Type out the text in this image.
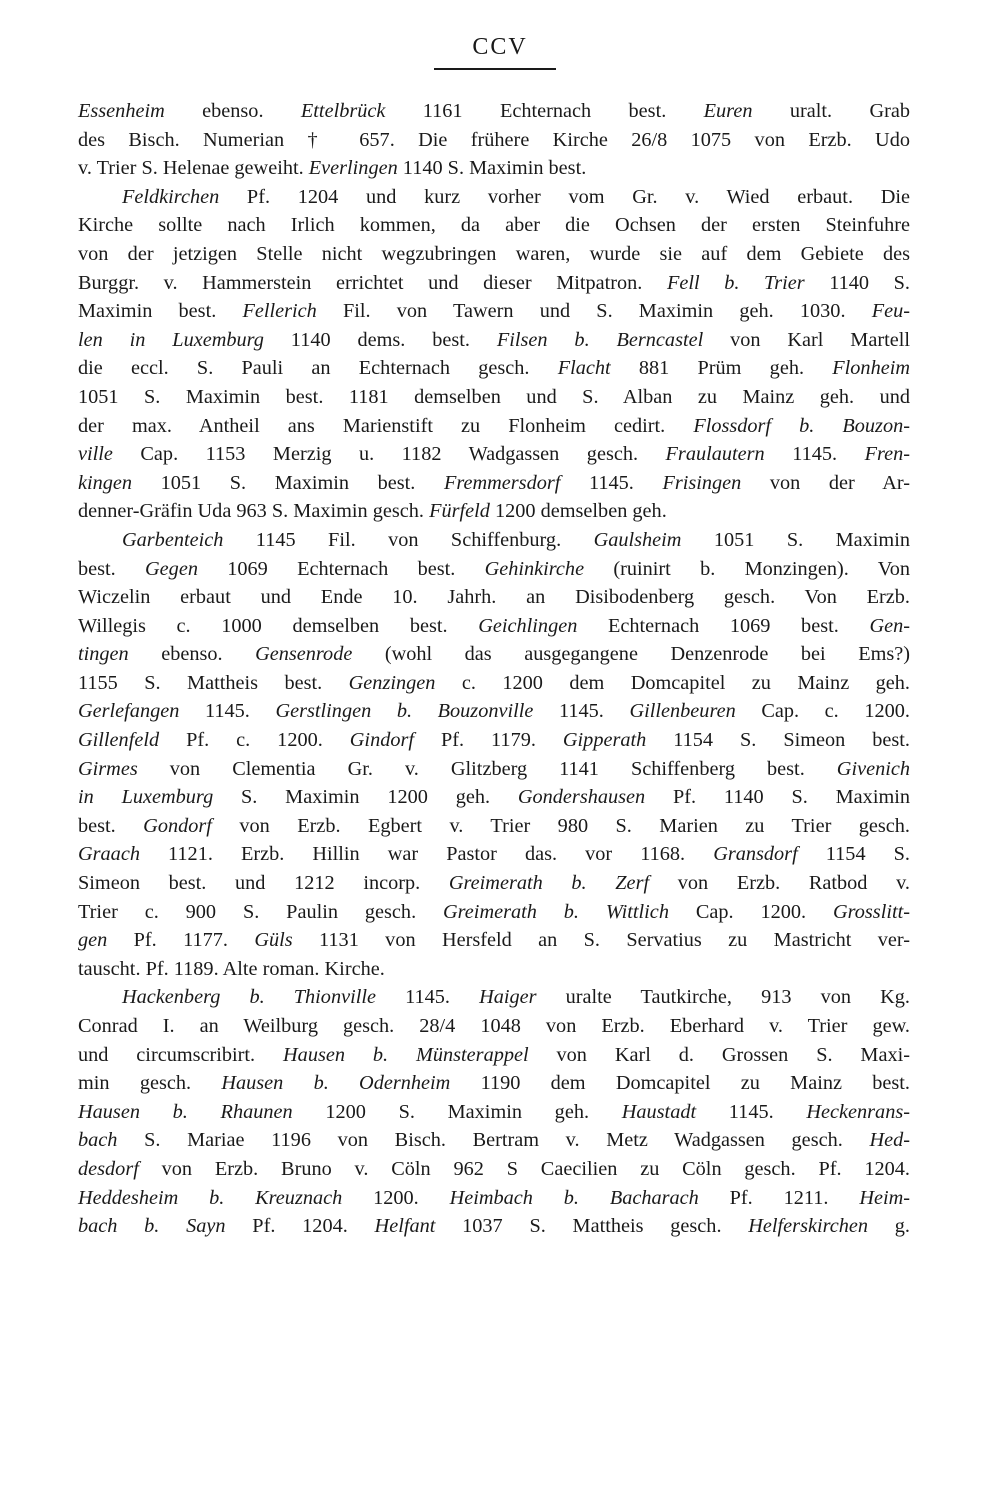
CCV

Essenheim ebenso. Ettelbrück 1161 Echternach best. Euren uralt. Grab
des Bisch. Numerian † 657. Die frühere Kirche 26/8 1075 von Erzb. Udo
v. Trier S. Helenae geweiht. Everlingen 1140 S. Maximin best.

Feldkirchen Pf. 1204 und kurz vorher vom Gr. v. Wied erbaut. Die
Kirche sollte nach Irlich kommen, da aber die Ochsen der ersten Steinfuhre
von der jetzigen Stelle nicht wegzubringen waren, wurde sie auf dem Gebiete des
Burggr. v. Hammerstein errichtet und dieser Mitpatron. Fell b. Trier 1140 S.
Maximin best. Fellerich Fil. von Tawern und S. Maximin geh. 1030. Feu-
len in Luxemburg 1140 dems. best. Filsen b. Berncastel von Karl Martell
die eccl. S. Pauli an Echternach gesch. Flacht 881 Prüm geh. Flonheim
1051 S. Maximin best. 1181 demselben und S. Alban zu Mainz geh. und
der max. Antheil ans Marienstift zu Flonheim cedirt. Flossdorf b. Bouzon-
ville Cap. 1153 Merzig u. 1182 Wadgassen gesch. Fraulautern 1145. Fren-
kingen 1051 S. Maximin best. Fremmersdorf 1145. Frisingen von der Ar-
denner-Gräfin Uda 963 S. Maximin gesch. Fürfeld 1200 demselben geh.

Garbenteich 1145 Fil. von Schiffenburg. Gaulsheim 1051 S. Maximin
best. Gegen 1069 Echternach best. Gehinkirche (ruinirt b. Monzingen). Von
Wiczelin erbaut und Ende 10. Jahrh. an Disibodenberg gesch. Von Erzb.
Willegis c. 1000 demselben best. Geichlingen Echternach 1069 best. Gen-
tingen ebenso. Gensenrode (wohl das ausgegangene Denzenrode bei Ems?)
1155 S. Mattheis best. Genzingen c. 1200 dem Domcapitel zu Mainz geh.
Gerlefangen 1145. Gerstlingen b. Bouzonville 1145. Gillenbeuren Cap. c. 1200.
Gillenfeld Pf. c. 1200. Gindorf Pf. 1179. Gipperath 1154 S. Simeon best.
Girmes von Clementia Gr. v. Glitzberg 1141 Schiffenberg best. Givenich
in Luxemburg S. Maximin 1200 geh. Gondershausen Pf. 1140 S. Maximin
best. Gondorf von Erzb. Egbert v. Trier 980 S. Marien zu Trier gesch.
Graach 1121. Erzb. Hillin war Pastor das. vor 1168. Gransdorf 1154 S.
Simeon best. und 1212 incorp. Greimerath b. Zerf von Erzb. Ratbod v.
Trier c. 900 S. Paulin gesch. Greimerath b. Wittlich Cap. 1200. Grosslitt-
gen Pf. 1177. Güls 1131 von Hersfeld an S. Servatius zu Mastricht ver-
tauscht. Pf. 1189. Alte roman. Kirche.

Hackenberg b. Thionville 1145. Haiger uralte Tautkirche, 913 von Kg.
Conrad I. an Weilburg gesch. 28/4 1048 von Erzb. Eberhard v. Trier gew.
und circumscribirt. Hausen b. Münsterappel von Karl d. Grossen S. Maxi-
min gesch. Hausen b. Odernheim 1190 dem Domcapitel zu Mainz best.
Hausen b. Rhaunen 1200 S. Maximin geh. Haustadt 1145. Heckenrans-
bach S. Mariae 1196 von Bisch. Bertram v. Metz Wadgassen gesch. Hed-
desdorf von Erzb. Bruno v. Cöln 962 S Caecilien zu Cöln gesch. Pf. 1204.
Heddesheim b. Kreuznach 1200. Heimbach b. Bacharach Pf. 1211. Heim-
bach b. Sayn Pf. 1204. Helfant 1037 S. Mattheis gesch. Helferskirchen g.
